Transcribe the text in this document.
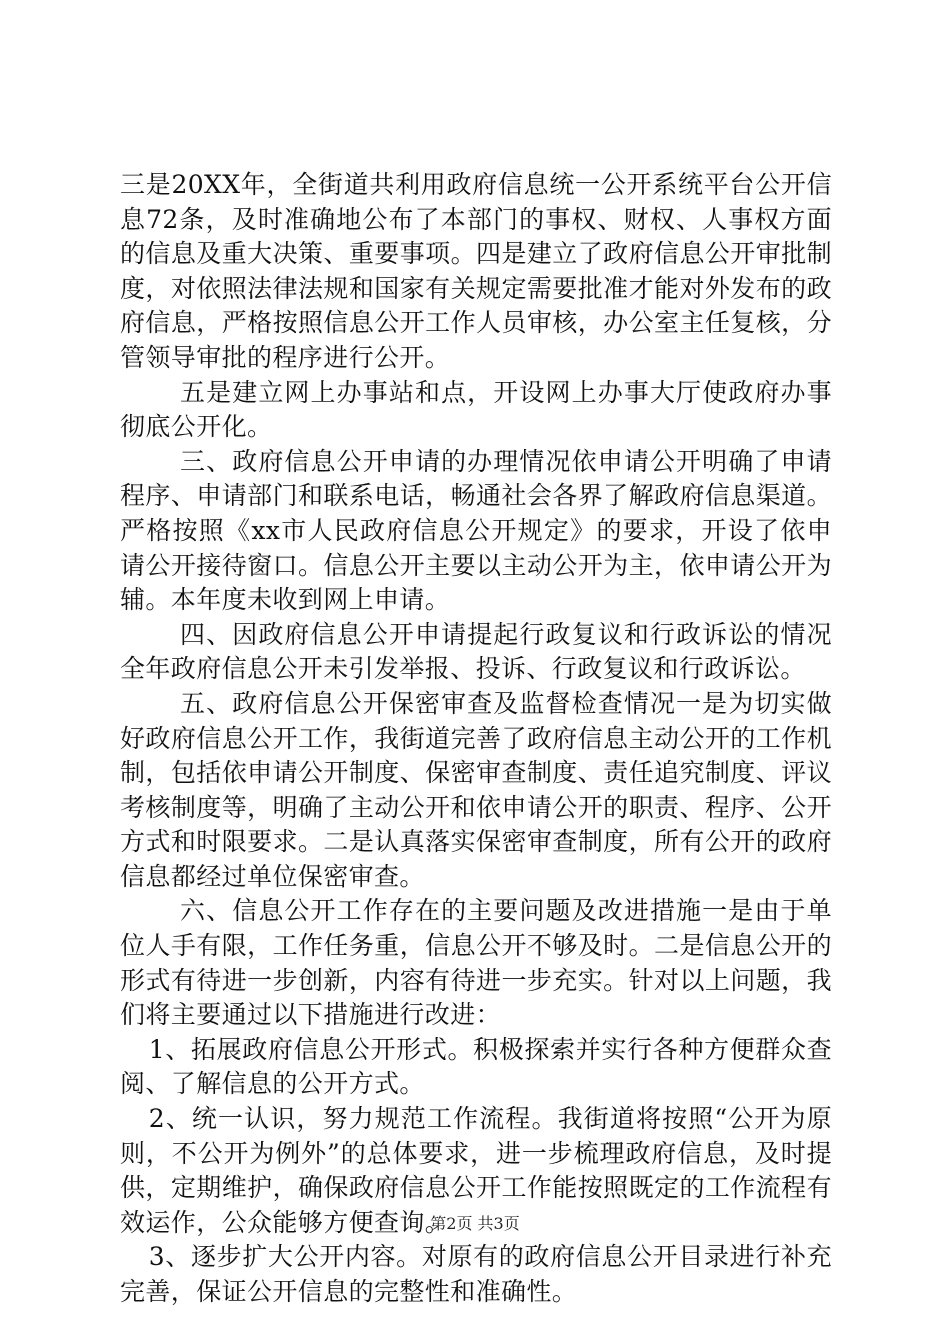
三是20XX年，全街道共利用政府信息统一公开系统平台公开信息72条，及时准确地公布了本部门的事权、财权、人事权方面的信息及重大决策、重要事项。四是建立了政府信息公开审批制度，对依照法律法规和国家有关规定需要批准才能对外发布的政府信息，严格按照信息公开工作人员审核，办公室主任复核，分管领导审批的程序进行公开。

五是建立网上办事站和点，开设网上办事大厅使政府办事彻底公开化。

三、政府信息公开申请的办理情况依申请公开明确了申请程序、申请部门和联系电话，畅通社会各界了解政府信息渠道。严格按照《xx市人民政府信息公开规定》的要求，开设了依申请公开接待窗口。信息公开主要以主动公开为主，依申请公开为辅。本年度未收到网上申请。

四、因政府信息公开申请提起行政复议和行政诉讼的情况全年政府信息公开未引发举报、投诉、行政复议和行政诉讼。

五、政府信息公开保密审查及监督检查情况一是为切实做好政府信息公开工作，我街道完善了政府信息主动公开的工作机制，包括依申请公开制度、保密审查制度、责任追究制度、评议考核制度等，明确了主动公开和依申请公开的职责、程序、公开方式和时限要求。二是认真落实保密审查制度，所有公开的政府信息都经过单位保密审查。

六、信息公开工作存在的主要问题及改进措施一是由于单位人手有限，工作任务重，信息公开不够及时。二是信息公开的形式有待进一步创新，内容有待进一步充实。针对以上问题，我们将主要通过以下措施进行改进：

1、拓展政府信息公开形式。积极探索并实行各种方便群众查阅、了解信息的公开方式。

2、统一认识，努力规范工作流程。我街道将按照“公开为原则，不公开为例外”的总体要求，进一步梳理政府信息，及时提供，定期维护，确保政府信息公开工作能按照既定的工作流程有效运作，公众能够方便查询。

3、逐步扩大公开内容。对原有的政府信息公开目录进行补充完善，保证公开信息的完整性和准确性。

第2页 共3页
